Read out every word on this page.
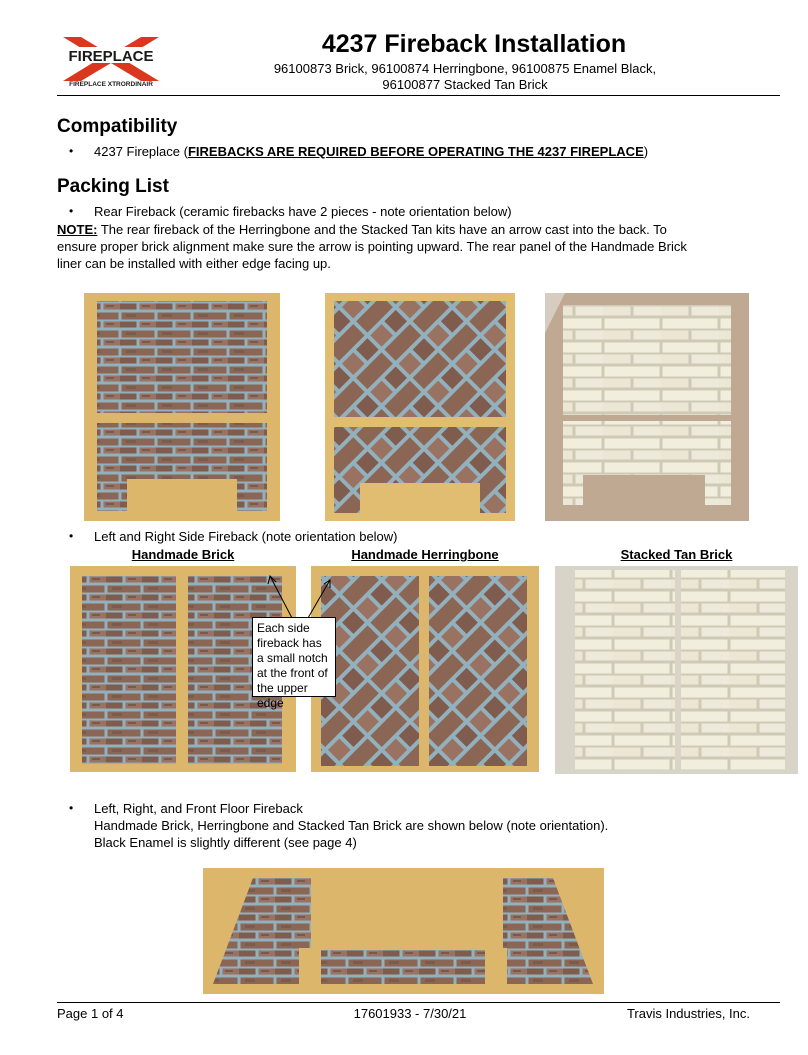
FIREPLACE
FIREPLACE XTRORDINAIR
4237 Fireback Installation
96100873 Brick, 96100874 Herringbone, 96100875 Enamel Black,
96100877 Stacked Tan Brick
Compatibility
• 4237 Fireplace (FIREBACKS ARE REQUIRED BEFORE OPERATING THE 4237 FIREPLACE)
Packing List
• Rear Fireback (ceramic firebacks have 2 pieces - note orientation below)
NOTE: The rear fireback of the Herringbone and the Stacked Tan kits have an arrow cast into the back. To
ensure proper brick alignment make sure the arrow is pointing upward. The rear panel of the Handmade Brick
liner can be installed with either edge facing up.
• Left and Right Side Fireback (note orientation below)
Handmade Brick	Handmade Herringbone	Stacked Tan Brick
Each side fireback has a small notch at the front of the upper edge
• Left, Right, and Front Floor Fireback
Handmade Brick, Herringbone and Stacked Tan Brick are shown below (note orientation).
Black Enamel is slightly different (see page 4)
Page 1 of 4	17601933 - 7/30/21	Travis Industries, Inc.
